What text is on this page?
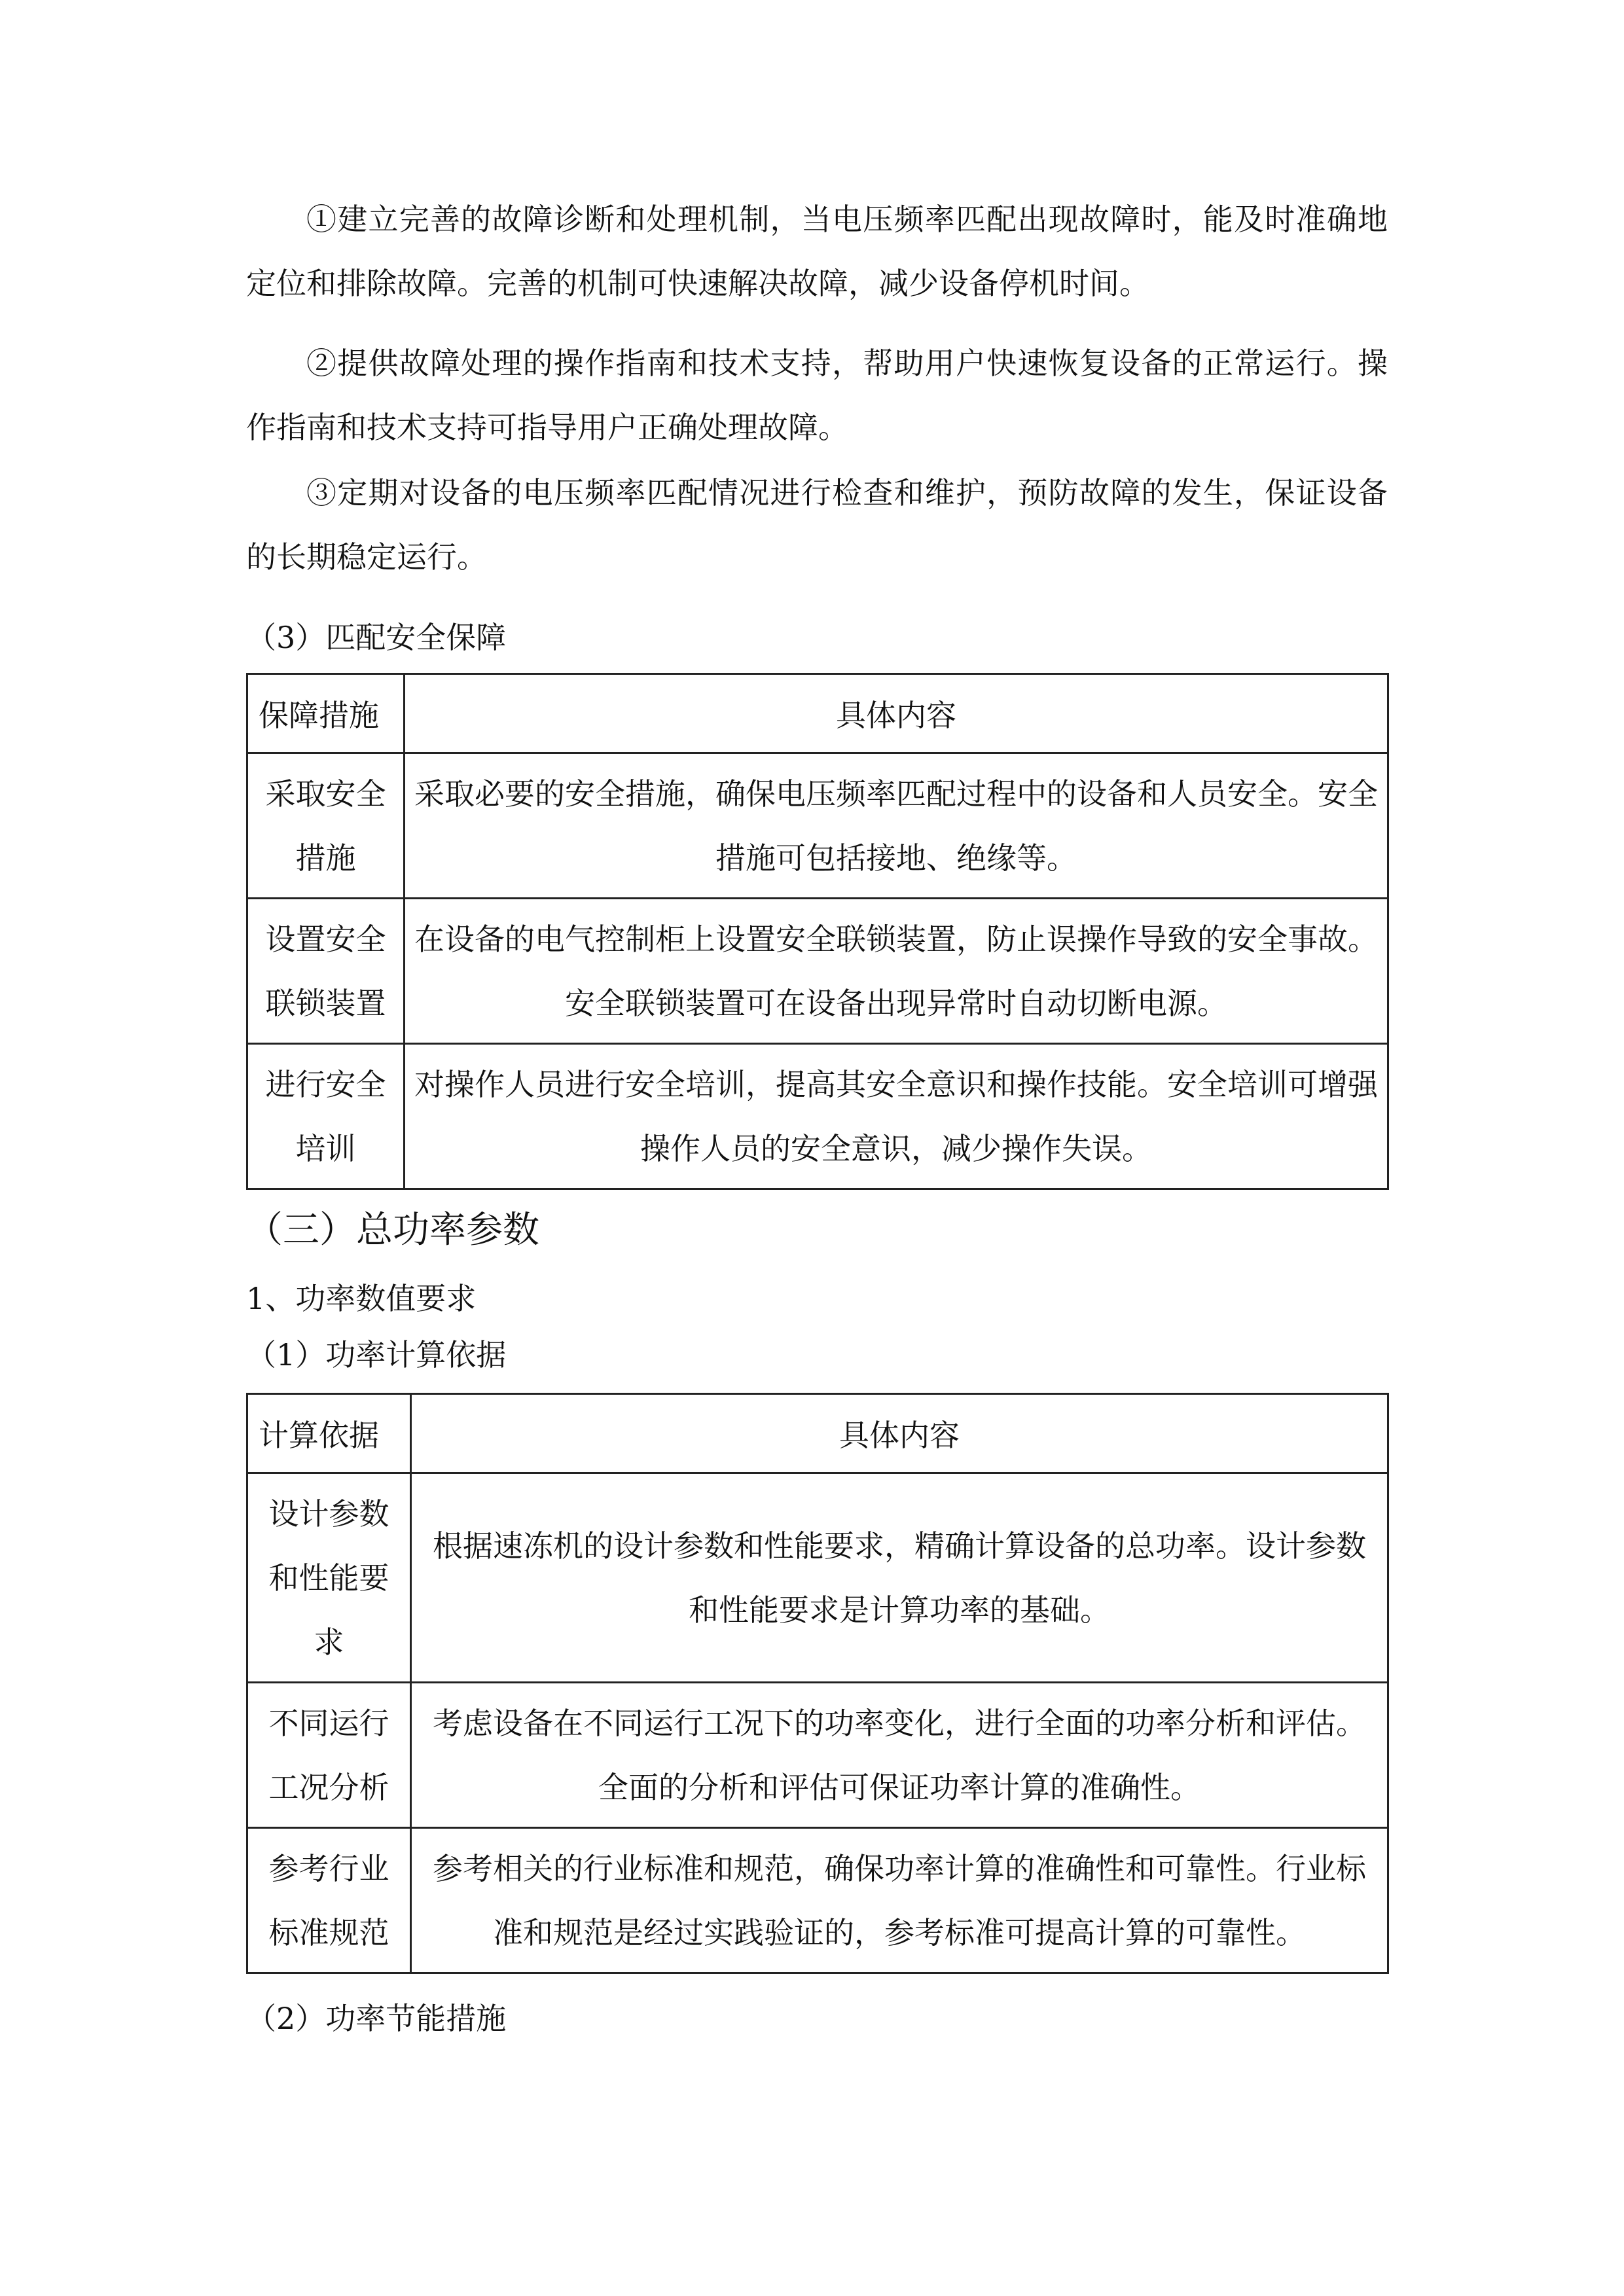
①建立完善的故障诊断和处理机制，当电压频率匹配出现故障时，能及时准确地定位和排除故障。完善的机制可快速解决故障，减少设备停机时间。

②提供故障处理的操作指南和技术支持，帮助用户快速恢复设备的正常运行。操作指南和技术支持可指导用户正确处理故障。

③定期对设备的电压频率匹配情况进行检查和维护，预防故障的发生，保证设备的长期稳定运行。

（3）匹配安全保障
保障措施	具体内容
采取安全措施	采取必要的安全措施，确保电压频率匹配过程中的设备和人员安全。安全措施可包括接地、绝缘等。
设置安全联锁装置	在设备的电气控制柜上设置安全联锁装置，防止误操作导致的安全事故。安全联锁装置可在设备出现异常时自动切断电源。
进行安全培训	对操作人员进行安全培训，提高其安全意识和操作技能。安全培训可增强操作人员的安全意识，减少操作失误。
（三）总功率参数
1、功率数值要求
（1）功率计算依据
计算依据	具体内容
设计参数和性能要求	根据速冻机的设计参数和性能要求，精确计算设备的总功率。设计参数和性能要求是计算功率的基础。
不同运行工况分析	考虑设备在不同运行工况下的功率变化，进行全面的功率分析和评估。全面的分析和评估可保证功率计算的准确性。
参考行业标准规范	参考相关的行业标准和规范，确保功率计算的准确性和可靠性。行业标准和规范是经过实践验证的，参考标准可提高计算的可靠性。
（2）功率节能措施
